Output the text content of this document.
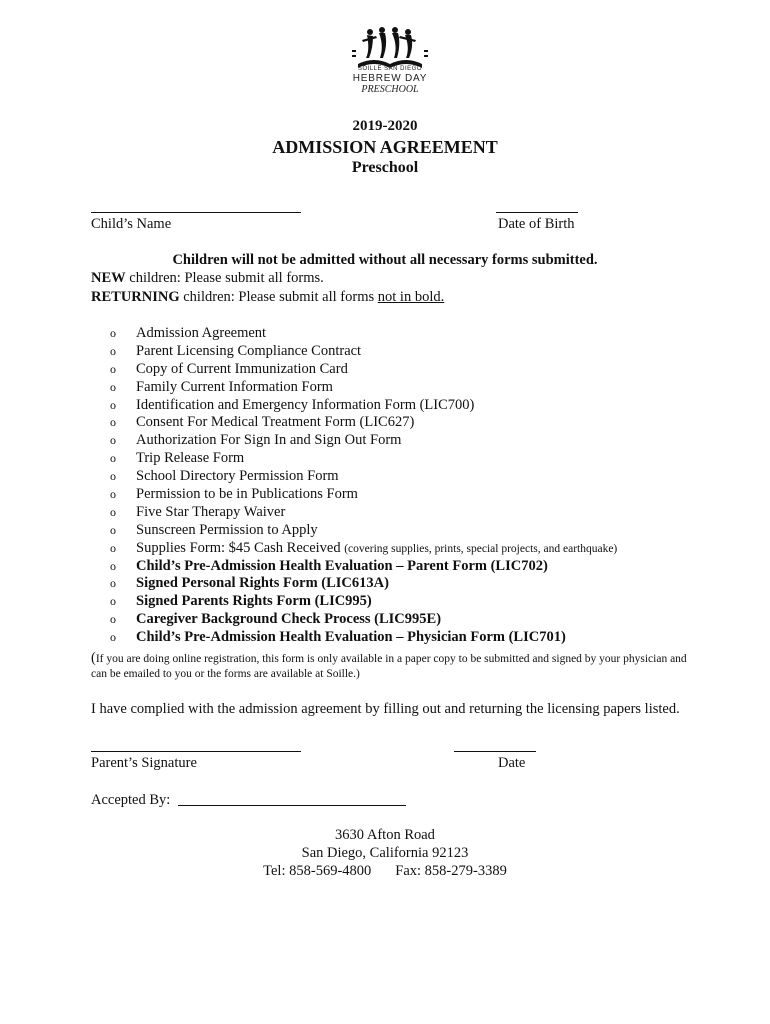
SOILLE SAN DIEGO
HEBREW DAY
PRESCHOOL
2019-2020
ADMISSION AGREEMENT
Preschool
Child’s Name	Date of Birth
Children will not be admitted without all necessary forms submitted.
NEW children: Please submit all forms.
RETURNING children: Please submit all forms not in bold.
o Admission Agreement
o Parent Licensing Compliance Contract
o Copy of Current Immunization Card
o Family Current Information Form
o Identification and Emergency Information Form (LIC700)
o Consent For Medical Treatment Form (LIC627)
o Authorization For Sign In and Sign Out Form
o Trip Release Form
o School Directory Permission Form
o Permission to be in Publications Form
o Five Star Therapy Waiver
o Sunscreen Permission to Apply
o Supplies Form: $45 Cash Received (covering supplies, prints, special projects, and earthquake)
o Child’s Pre-Admission Health Evaluation – Parent Form (LIC702)
o Signed Personal Rights Form (LIC613A)
o Signed Parents Rights Form (LIC995)
o Caregiver Background Check Process (LIC995E)
o Child’s Pre-Admission Health Evaluation – Physician Form (LIC701)
(If you are doing online registration, this form is only available in a paper copy to be submitted and signed by your physician and can be emailed to you or the forms are available at Soille.)
I have complied with the admission agreement by filling out and returning the licensing papers listed.
Parent’s Signature	Date
Accepted By:
3630 Afton Road
San Diego, California 92123
Tel: 858-569-4800 Fax: 858-279-3389
